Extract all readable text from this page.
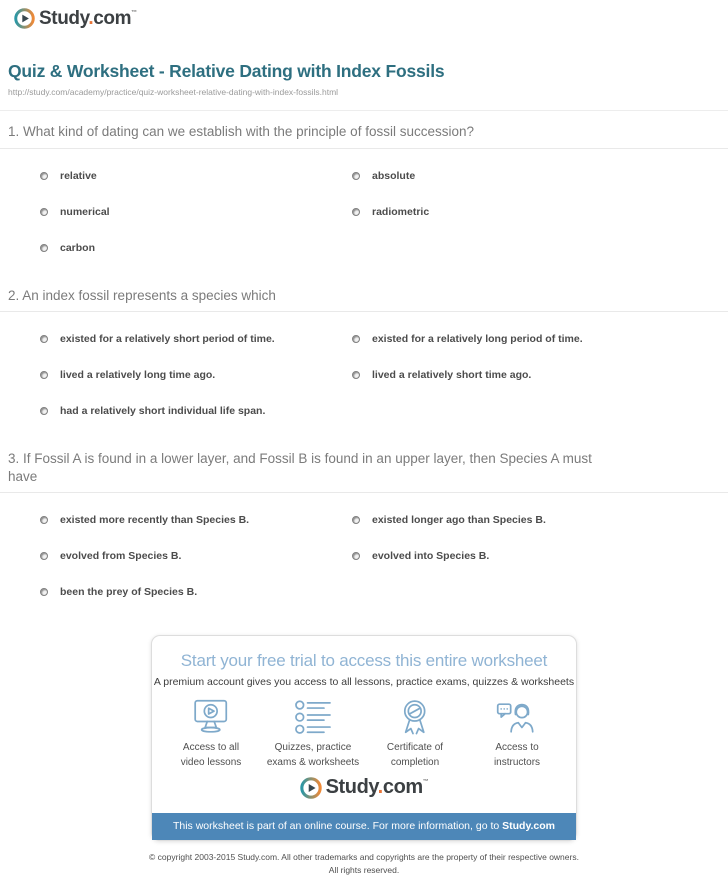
Study.com™
Quiz & Worksheet - Relative Dating with Index Fossils
http://study.com/academy/practice/quiz-worksheet-relative-dating-with-index-fossils.html
1. What kind of dating can we establish with the principle of fossil succession?
relative
numerical
carbon
absolute
radiometric
2. An index fossil represents a species which
existed for a relatively short period of time.
lived a relatively long time ago.
had a relatively short individual life span.
existed for a relatively long period of time.
lived a relatively short time ago.
3. If Fossil A is found in a lower layer, and Fossil B is found in an upper layer, then Species A must have
existed more recently than Species B.
evolved from Species B.
been the prey of Species B.
existed longer ago than Species B.
evolved into Species B.
Start your free trial to access this entire worksheet
A premium account gives you access to all lessons, practice exams, quizzes & worksheets
Access to all
video lessons
Quizzes, practice
exams & worksheets
Certificate of
completion
Access to
instructors
Study.com™
This worksheet is part of an online course. For more information, go to Study.com
© copyright 2003-2015 Study.com. All other trademarks and copyrights are the property of their respective owners.
All rights reserved.
